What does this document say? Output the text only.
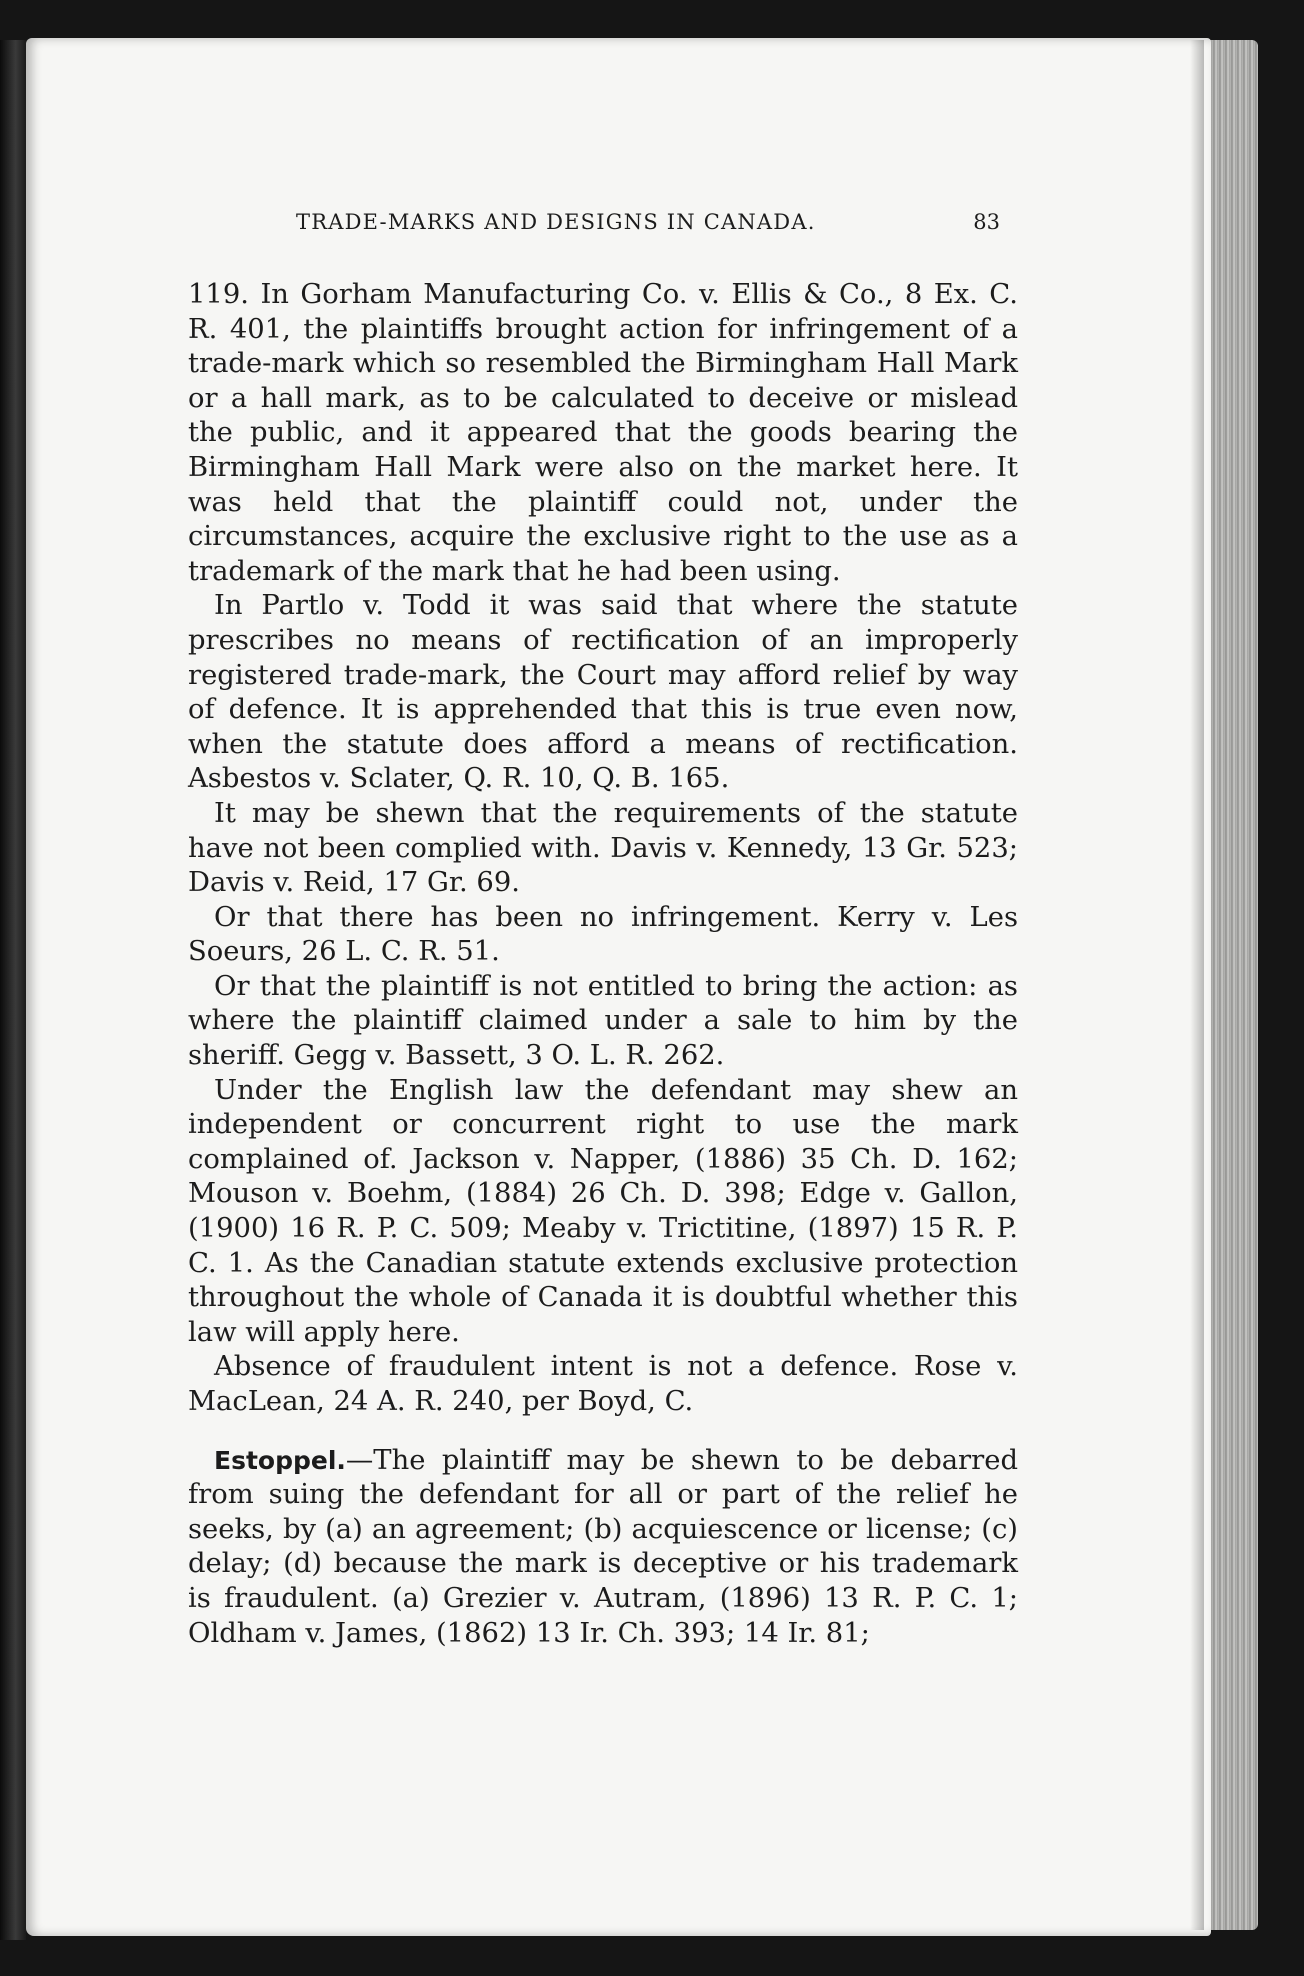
TRADE-MARKS AND DESIGNS IN CANADA.	83

119. In Gorham Manufacturing Co. v. Ellis & Co., 8 Ex. C. R. 401, the plaintiffs brought action for infringement of a trade-mark which so resembled the Birmingham Hall Mark or a hall mark, as to be calculated to deceive or mislead the public, and it appeared that the goods bearing the Birmingham Hall Mark were also on the market here. It was held that the plaintiff could not, under the circumstances, acquire the exclusive right to the use as a trademark of the mark that he had been using.

In Partlo v. Todd it was said that where the statute prescribes no means of rectification of an improperly registered trade-mark, the Court may afford relief by way of defence. It is apprehended that this is true even now, when the statute does afford a means of rectification. Asbestos v. Sclater, Q. R. 10, Q. B. 165.

It may be shewn that the requirements of the statute have not been complied with. Davis v. Kennedy, 13 Gr. 523; Davis v. Reid, 17 Gr. 69.

Or that there has been no infringement. Kerry v. Les Soeurs, 26 L. C. R. 51.

Or that the plaintiff is not entitled to bring the action: as where the plaintiff claimed under a sale to him by the sheriff. Gegg v. Bassett, 3 O. L. R. 262.

Under the English law the defendant may shew an independent or concurrent right to use the mark complained of. Jackson v. Napper, (1886) 35 Ch. D. 162; Mouson v. Boehm, (1884) 26 Ch. D. 398; Edge v. Gallon, (1900) 16 R. P. C. 509; Meaby v. Trictitine, (1897) 15 R. P. C. 1. As the Canadian statute extends exclusive protection throughout the whole of Canada it is doubtful whether this law will apply here.

Absence of fraudulent intent is not a defence. Rose v. MacLean, 24 A. R. 240, per Boyd, C.

Estoppel.—The plaintiff may be shewn to be debarred from suing the defendant for all or part of the relief he seeks, by (a) an agreement; (b) acquiescence or license; (c) delay; (d) because the mark is deceptive or his trademark is fraudulent. (a) Grezier v. Autram, (1896) 13 R. P. C. 1; Oldham v. James, (1862) 13 Ir. Ch. 393; 14 Ir. 81;
